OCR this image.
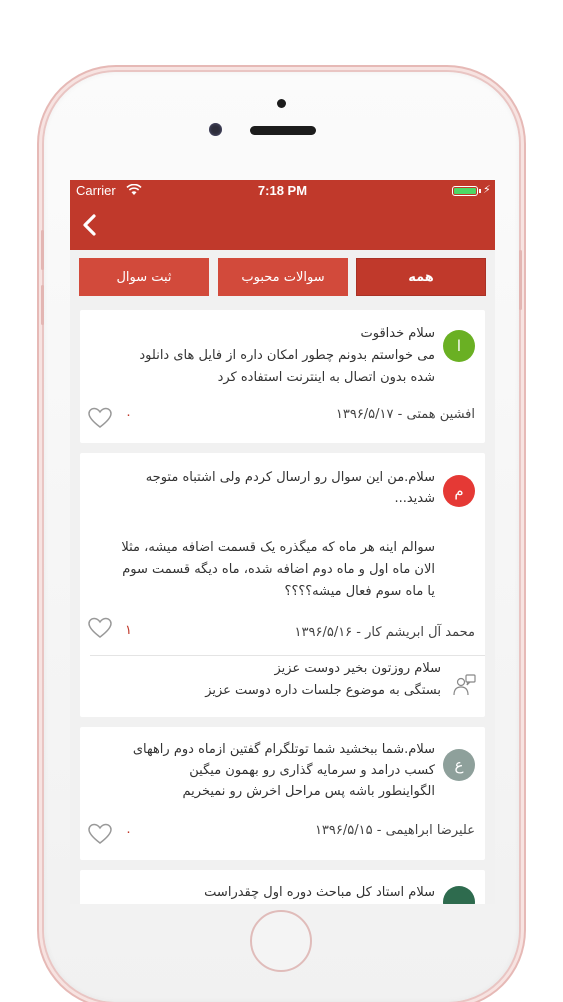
Carrier	7:18 PM	⚡
همه
سوالات محبوب
ثبت سوال
ا
سلام خداقوت
می خواستم بدونم چطور امکان داره از فایل های دانلود
شده بدون اتصال به اینترنت استفاده کرد
افشین همتی - ۱۳۹۶/۵/۱۷
۰
م
سلام.من این سوال رو ارسال کردم ولی اشتباه متوجه
شدید...
سوالم اینه هر ماه که میگذره یک قسمت اضافه میشه، مثلا
الان ماه اول و ماه دوم اضافه شده، ماه دیگه قسمت سوم
یا ماه سوم فعال میشه؟؟؟؟
محمد آل ابریشم کار - ۱۳۹۶/۵/۱۶
۱
سلام روزتون بخیر دوست عزیز
بستگی به موضوع جلسات داره دوست عزیز
ع
سلام.شما ببخشید شما توتلگرام گفتین ازماه دوم راههای
کسب درامد و سرمایه گذاری رو بهمون میگین
الگواینطور باشه پس مراحل اخرش رو نمیخریم
علیرضا ابراهیمی - ۱۳۹۶/۵/۱۵
۰
سلام استاد کل مباحث دوره اول چقدراست
